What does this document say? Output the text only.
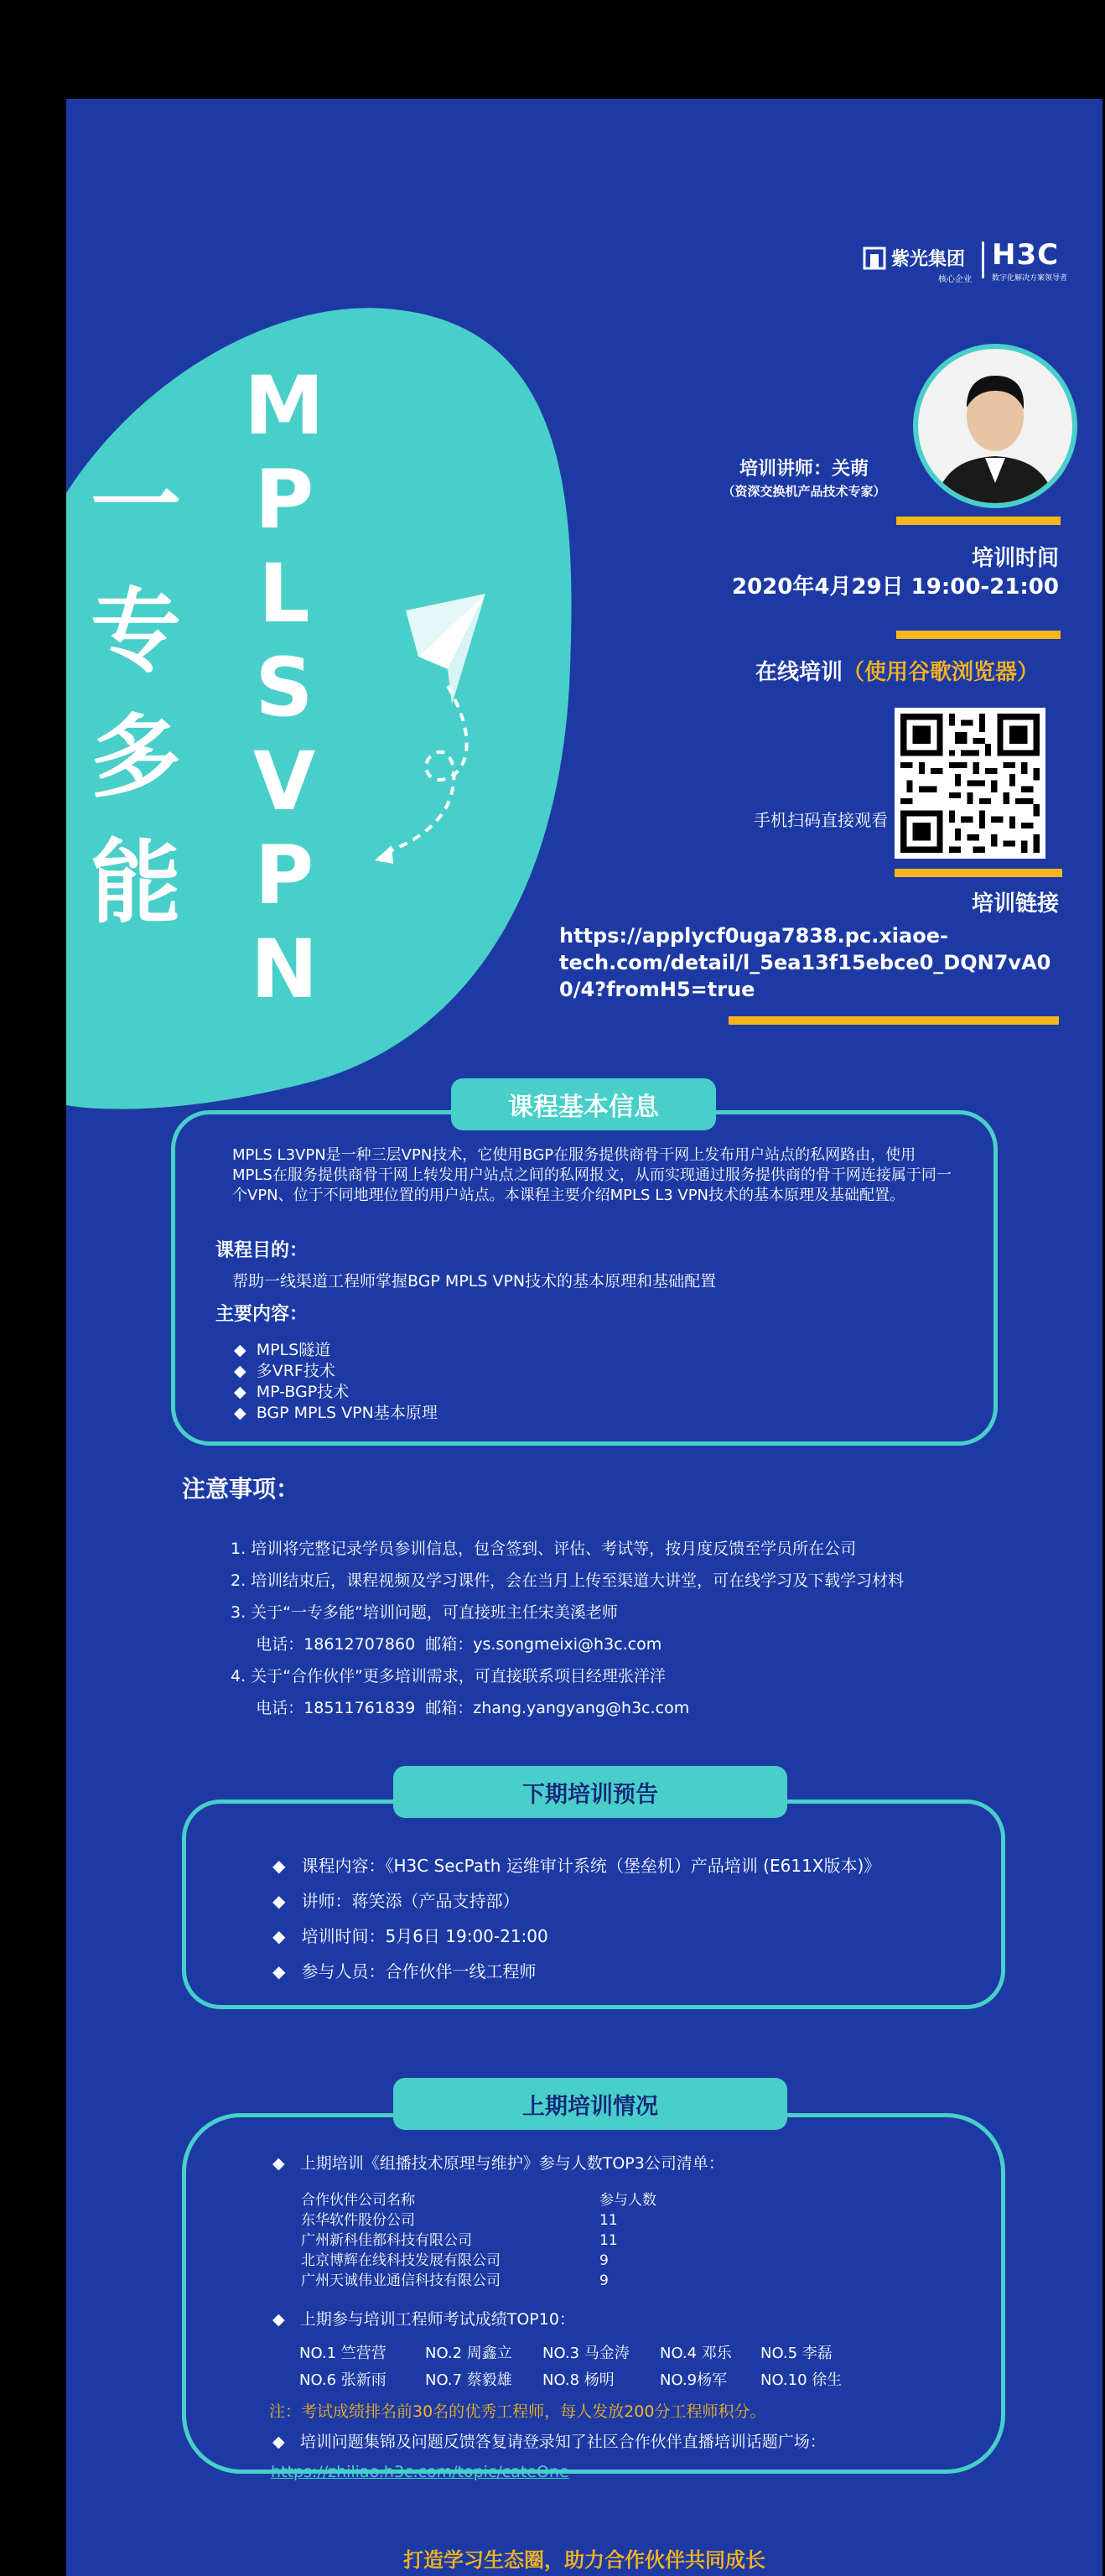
一
专
多
能
M
P
L
S
V
P
N
紫光集团
核心企业
H3C
数字化解决方案领导者
培训讲师：关萌
（资深交换机产品技术专家）
培训时间
2020年4月29日 19:00-21:00
在线培训（使用谷歌浏览器）
手机扫码直接观看
培训链接
https://applycf0uga7838.pc.xiaoe-
tech.com/detail/l_5ea13f15ebce0_DQN7vA0
0/4?fromH5=true
课程基本信息
MPLS L3VPN是一种三层VPN技术，它使用BGP在服务提供商骨干网上发布用户站点的私网路由，使用MPLS在服务提供商骨干网上转发用户站点之间的私网报文，从而实现通过服务提供商的骨干网连接属于同一个VPN、位于不同地理位置的用户站点。本课程主要介绍MPLS L3 VPN技术的基本原理及基础配置。
课程目的：
帮助一线渠道工程师掌握BGP MPLS VPN技术的基本原理和基础配置
主要内容：
◆  MPLS隧道
◆  多VRF技术
◆  MP-BGP技术
◆  BGP MPLS VPN基本原理
注意事项：
1. 培训将完整记录学员参训信息，包含签到、评估、考试等，按月度反馈至学员所在公司
2. 培训结束后，课程视频及学习课件，会在当月上传至渠道大讲堂，可在线学习及下载学习材料
3. 关于“一专多能”培训问题，可直接班主任宋美溪老师
电话：18612707860  邮箱：ys.songmeixi@h3c.com
4. 关于“合作伙伴”更多培训需求，可直接联系项目经理张洋洋
电话：18511761839  邮箱：zhang.yangyang@h3c.com
下期培训预告
◆   课程内容：《H3C SecPath 运维审计系统（堡垒机）产品培训 (E611X版本)》
◆   讲师：蒋笑添（产品支持部）
◆   培训时间：5月6日 19:00-21:00
◆   参与人员：合作伙伴一线工程师
上期培训情况
◆   上期培训《组播技术原理与维护》参与人数TOP3公司清单：
合作伙伴公司名称	参与人数
东华软件股份公司	11
广州新科佳都科技有限公司	11
北京博辉在线科技发展有限公司	9
广州天诚伟业通信科技有限公司	9
◆   上期参与培训工程师考试成绩TOP10：
NO.1 竺营营	NO.2 周鑫立	NO.3 马金涛	NO.4 邓乐	NO.5 李磊
NO.6 张新雨	NO.7 蔡毅雄	NO.8 杨明	NO.9杨军	NO.10 徐生
注：考试成绩排名前30名的优秀工程师，每人发放200分工程师积分。
◆   培训问题集锦及问题反馈答复请登录知了社区合作伙伴直播培训话题广场：
https://zhiliao.h3c.com/topic/cateOne
打造学习生态圈，助力合作伙伴共同成长
